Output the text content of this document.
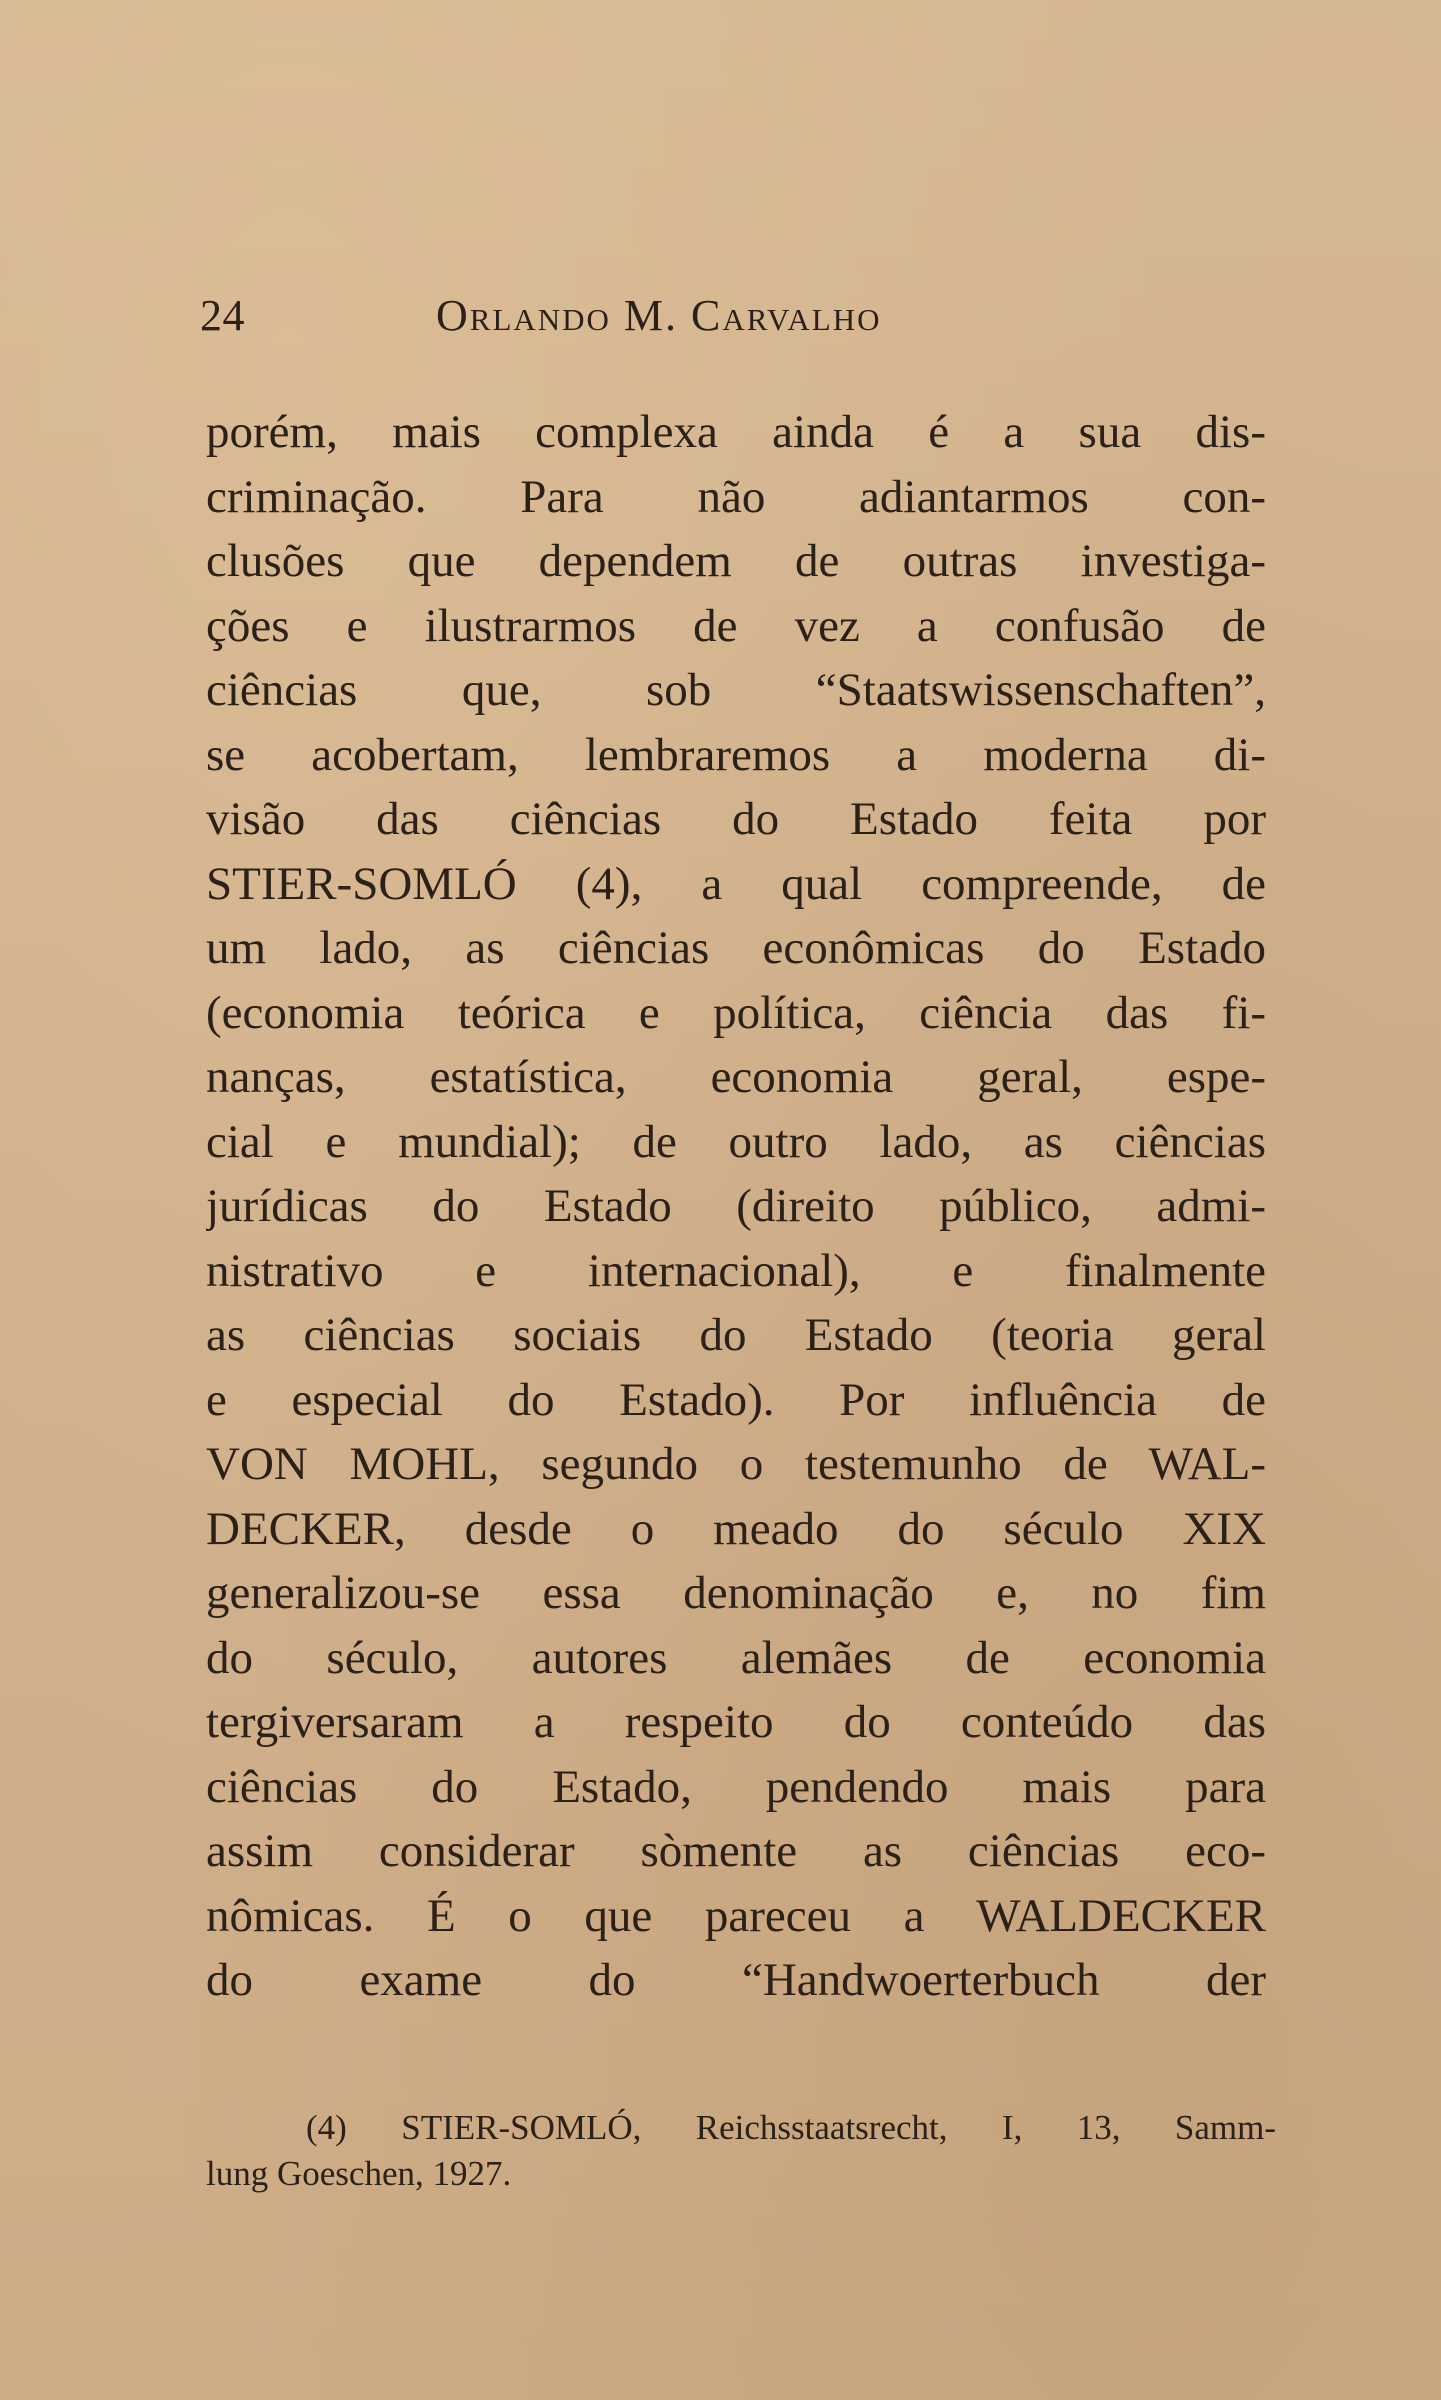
24	Orlando M. Carvalho
porém, mais complexa ainda é a sua dis-
criminação. Para não adiantarmos con-
clusões que dependem de outras investiga-
ções e ilustrarmos de vez a confusão de
ciências que, sob “Staatswissenschaften”,
se acobertam, lembraremos a moderna di-
visão das ciências do Estado feita por
STIER-SOMLÓ (4), a qual compreende, de
um lado, as ciências econômicas do Estado
(economia teórica e política, ciência das fi-
nanças, estatística, economia geral, espe-
cial e mundial); de outro lado, as ciências
jurídicas do Estado (direito público, admi-
nistrativo e internacional), e finalmente
as ciências sociais do Estado (teoria geral
e especial do Estado). Por influência de
VON MOHL, segundo o testemunho de WAL-
DECKER, desde o meado do século XIX
generalizou-se essa denominação e, no fim
do século, autores alemães de economia
tergiversaram a respeito do conteúdo das
ciências do Estado, pendendo mais para
assim considerar sòmente as ciências eco-
nômicas. É o que pareceu a WALDECKER
do exame do “Handwoerterbuch der
(4) STIER-SOMLÓ, Reichsstaatsrecht, I, 13, Samm-
lung Goeschen, 1927.
